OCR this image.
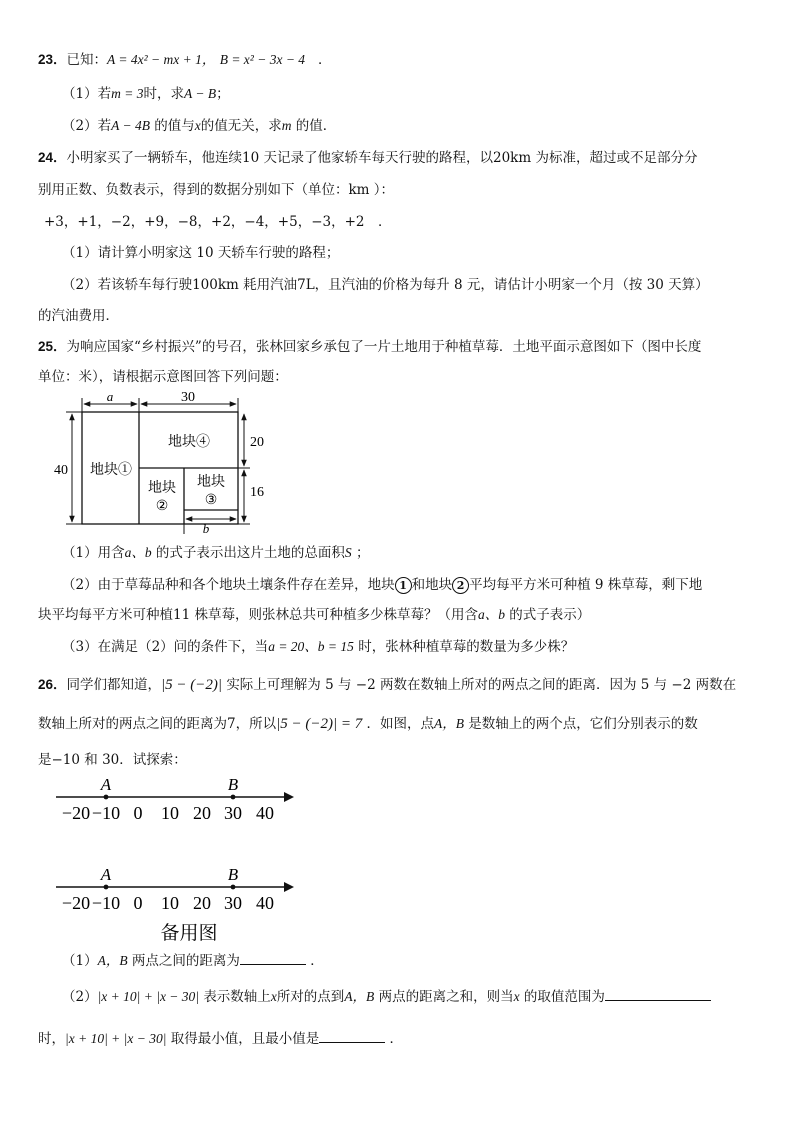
23．已知：A = 4x² − mx + 1， B = x² − 3x − 4 ．
（1）若m = 3时，求A − B；
（2）若A − 4B 的值与x的值无关，求m 的值．
24．小明家买了一辆轿车，他连续10 天记录了他家轿车每天行驶的路程，以20km 为标准，超过或不足部分分
别用正数、负数表示，得到的数据分别如下（单位：km ）：
+3，+1，−2，+9，−8，+2，−4，+5，−3，+2　．
（1）请计算小明家这 10 天轿车行驶的路程；
（2）若该轿车每行驶100km 耗用汽油7L，且汽油的价格为每升 8 元，请估计小明家一个月（按 30 天算）
的汽油费用．
25．为响应国家“乡村振兴”的号召，张林回家乡承包了一片土地用于种植草莓．土地平面示意图如下（图中长度
单位：米），请根据示意图回答下列问题：
a	30
40
20
16
b
地块①
地块④
地块
②
地块
③
（1）用含a、b 的式子表示出这片土地的总面积S ；
（2）由于草莓品种和各个地块土壤条件存在差异，地块 1 和地块 2 平均每平方米可种植 9 株草莓，剩下地
块平均每平方米可种植11 株草莓，则张林总共可种植多少株草莓？（用含a、b 的式子表示）
（3）在满足（2）问的条件下，当a = 20、b = 15 时，张林种植草莓的数量为多少株？
26．同学们都知道，|5 − (−2)| 实际上可理解为 5 与 −2 两数在数轴上所对的两点之间的距离．因为 5 与 −2 两数在
数轴上所对的两点之间的距离为7，所以|5 − (−2)| = 7 ．如图，点A，B 是数轴上的两个点，它们分别表示的数
是−10 和 30．试探索：
A	B
−20 −10 0 10 20 30 40
A	B
−20 −10 0 10 20 30 40
备用图
（1）A，B 两点之间的距离为	．
（2）|x + 10| + |x − 30| 表示数轴上x所对的点到A，B 两点的距离之和，则当x 的取值范围为
时，|x + 10| + |x − 30| 取得最小值，且最小值是	．
